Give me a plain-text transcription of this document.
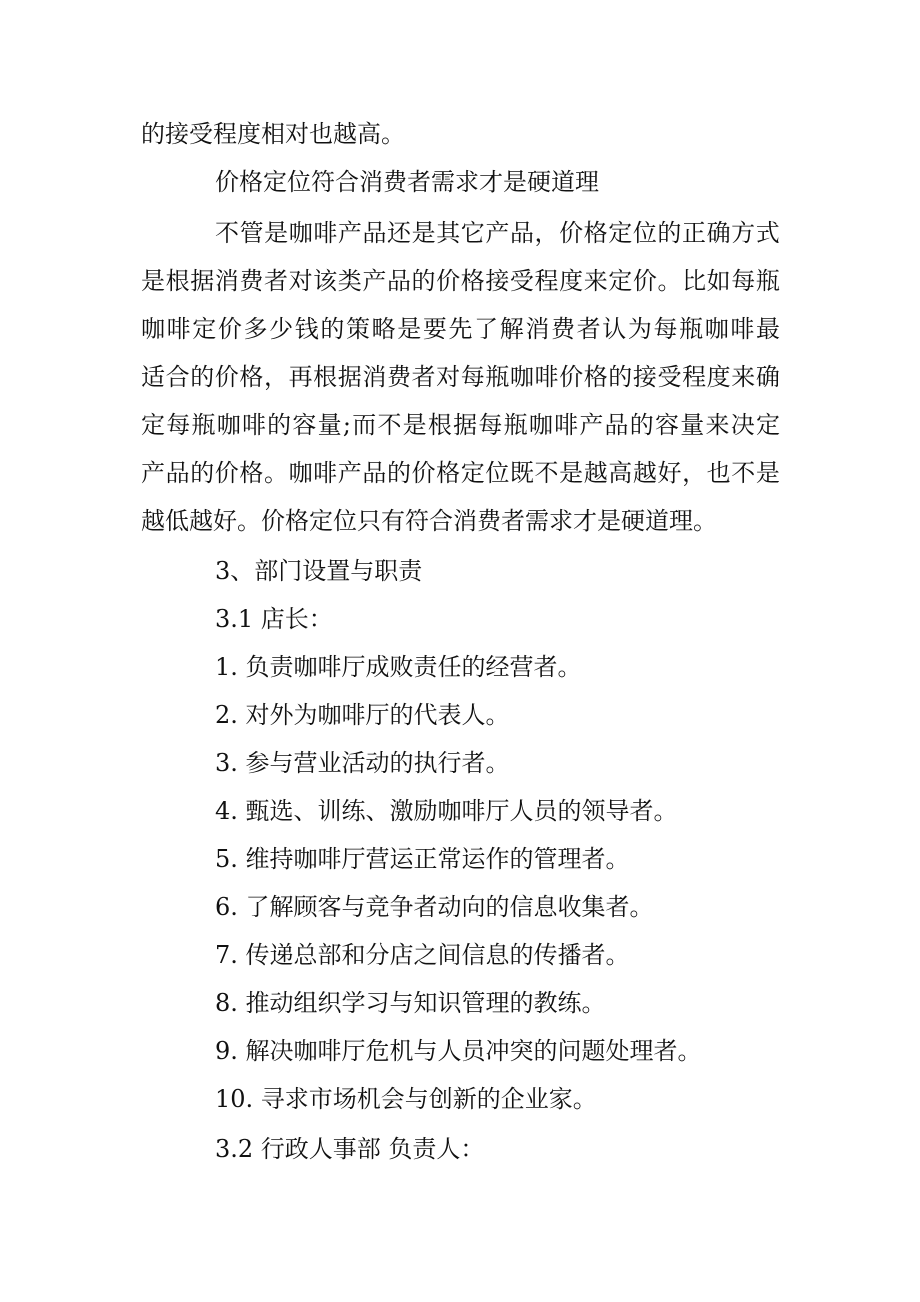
的接受程度相对也越高。
价格定位符合消费者需求才是硬道理
不 管 是 咖 啡 产 品 还 是 其 它 产 品 ， 价 格 定 位 的 正 确 方 式
是 根 据 消 费 者 对 该 类 产 品 的 价 格 接 受 程 度 来 定 价 。 比 如 每 瓶
咖 啡 定 价 多 少 钱 的 策 略 是 要 先 了 解 消 费 者 认 为 每 瓶 咖 啡 最
适 合 的 价 格 ， 再 根 据 消 费 者 对 每 瓶 咖 啡 价 格 的 接 受 程 度 来 确
定 每 瓶 咖 啡 的 容 量 ; 而 不 是 根 据 每 瓶 咖 啡 产 品 的 容 量 来 决 定
产 品 的 价 格 。 咖 啡 产 品 的 价 格 定 位 既 不 是 越 高 越 好 ， 也 不 是
越低越好。价格定位只有符合消费者需求才是硬道理。
3、部门设置与职责
3.1 店长：
1. 负责咖啡厅成败责任的经营者。
2. 对外为咖啡厅的代表人。
3. 参与营业活动的执行者。
4. 甄选、训练、激励咖啡厅人员的领导者。
5. 维持咖啡厅营运正常运作的管理者。
6. 了解顾客与竞争者动向的信息收集者。
7. 传递总部和分店之间信息的传播者。
8. 推动组织学习与知识管理的教练。
9. 解决咖啡厅危机与人员冲突的问题处理者。
10. 寻求市场机会与创新的企业家。
3.2 行政人事部 负责人：
